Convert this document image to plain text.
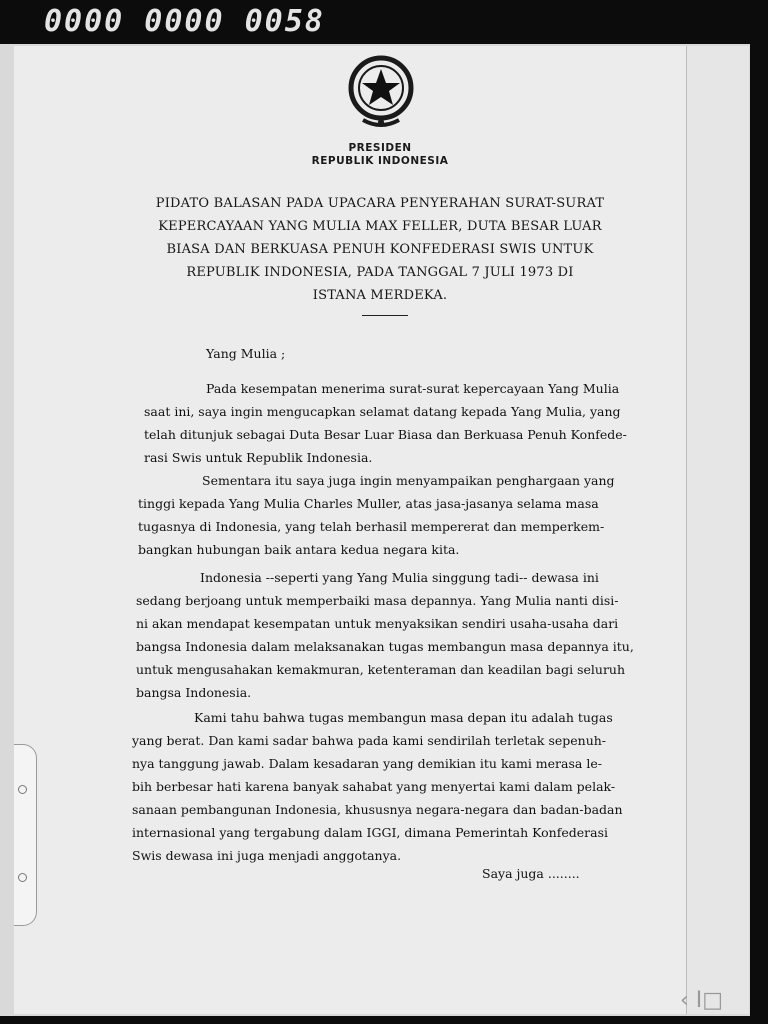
0000 0000 0058
PRESIDEN
REPUBLIK INDONESIA
PIDATO BALASAN PADA UPACARA PENYERAHAN SURAT-SURAT
KEPERCAYAAN YANG MULIA MAX FELLER, DUTA BESAR LUAR
BIASA DAN BERKUASA PENUH KONFEDERASI SWIS UNTUK
REPUBLIK INDONESIA, PADA TANGGAL 7 JULI 1973 DI
ISTANA MERDEKA.
Yang Mulia ;
Pada kesempatan menerima surat-surat kepercayaan Yang Mulia
saat ini, saya ingin mengucapkan selamat datang kepada Yang Mulia, yang
telah ditunjuk sebagai Duta Besar Luar Biasa dan Berkuasa Penuh Konfede-
rasi Swis untuk Republik Indonesia.
Sementara itu saya juga ingin menyampaikan penghargaan yang
tinggi kepada Yang Mulia Charles Muller, atas jasa-jasanya selama masa
tugasnya di Indonesia, yang telah berhasil mempererat dan memperkem-
bangkan hubungan baik antara kedua negara kita.
Indonesia --seperti yang Yang Mulia singgung tadi-- dewasa ini
sedang berjoang untuk memperbaiki masa depannya. Yang Mulia nanti disi-
ni akan mendapat kesempatan untuk menyaksikan sendiri usaha-usaha dari
bangsa Indonesia dalam melaksanakan tugas membangun masa depannya itu,
untuk mengusahakan kemakmuran, ketenteraman dan keadilan bagi seluruh
bangsa Indonesia.
Kami tahu bahwa tugas membangun masa depan itu adalah tugas
yang berat. Dan kami sadar bahwa pada kami sendirilah terletak sepenuh-
nya tanggung jawab. Dalam kesadaran yang demikian itu kami merasa le-
bih berbesar hati karena banyak sahabat yang menyertai kami dalam pelak-
sanaan pembangunan Indonesia, khususnya negara-negara dan badan-badan
internasional yang tergabung dalam IGGI, dimana Pemerintah Konfederasi
Swis dewasa ini juga menjadi anggotanya.
Saya juga ........
‹ I□
